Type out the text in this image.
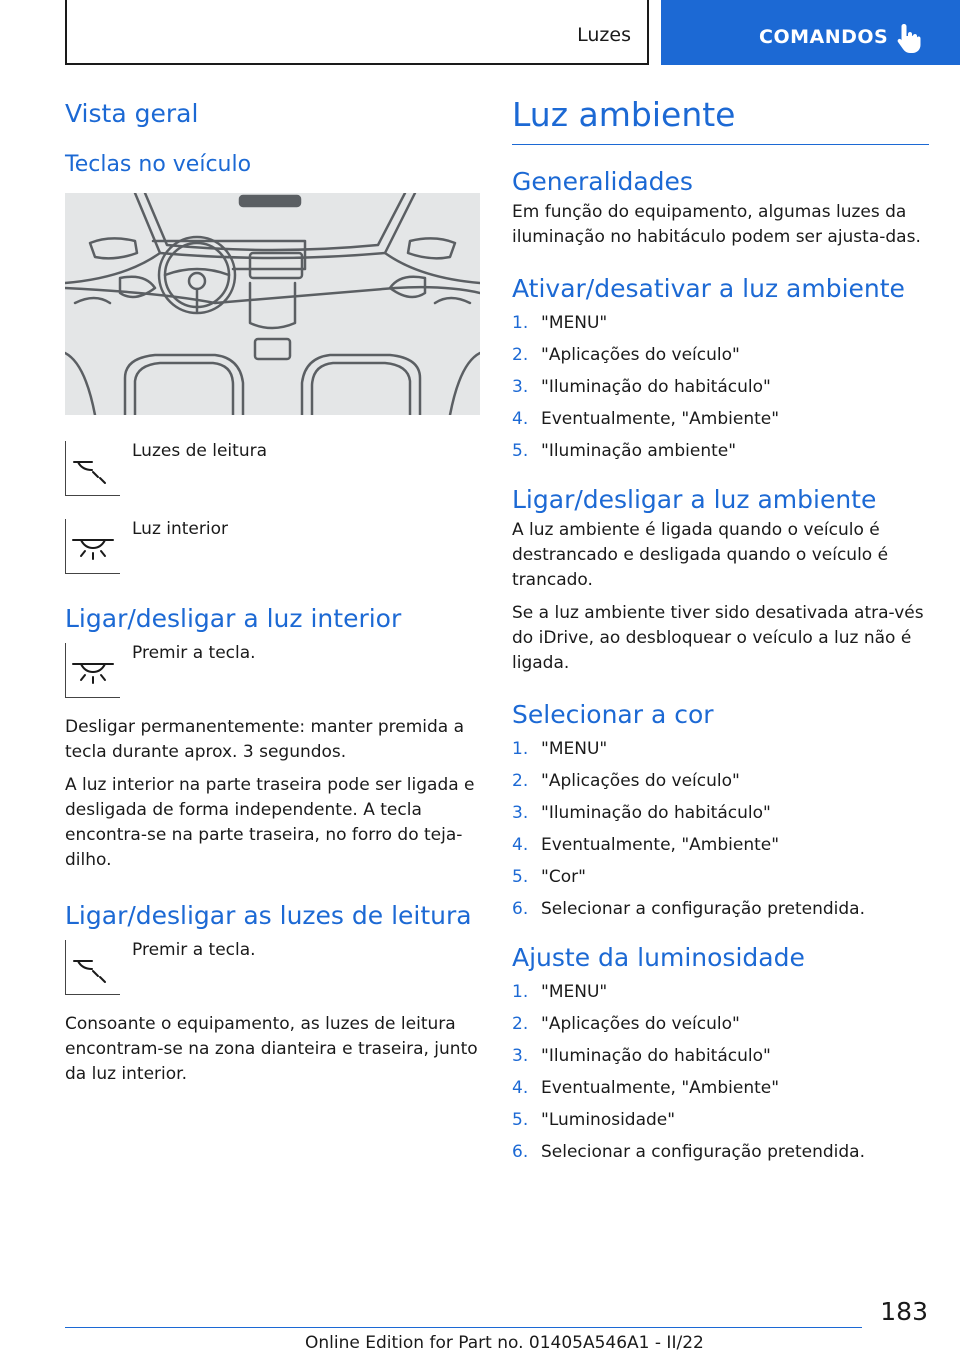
Luzes	COMANDOS
Vista geral
Teclas no veículo
Luzes de leitura
Luz interior
Ligar/desligar a luz interior
Premir a tecla.

Desligar permanentemente: manter premida a tecla durante aprox. 3 segundos.

A luz interior na parte traseira pode ser ligada e desligada de forma independente. A tecla encontra-se na parte traseira, no forro do teja-dilho.

Ligar/desligar as luzes de leitura
Premir a tecla.

Consoante o equipamento, as luzes de leitura encontram-se na zona dianteira e traseira, junto da luz interior.

Luz ambiente
Generalidades

Em função do equipamento, algumas luzes da iluminação no habitáculo podem ser ajusta-das.

Ativar/desativar a luz ambiente
1. "MENU"
2. "Aplicações do veículo"
3. "Iluminação do habitáculo"
4. Eventualmente, "Ambiente"
5. "Iluminação ambiente"
Ligar/desligar a luz ambiente

A luz ambiente é ligada quando o veículo é destrancado e desligada quando o veículo é trancado.

Se a luz ambiente tiver sido desativada atra-vés do iDrive, ao desbloquear o veículo a luz não é ligada.

Selecionar a cor
1. "MENU"
2. "Aplicações do veículo"
3. "Iluminação do habitáculo"
4. Eventualmente, "Ambiente"
5. "Cor"
6. Selecionar a configuração pretendida.
Ajuste da luminosidade
1. "MENU"
2. "Aplicações do veículo"
3. "Iluminação do habitáculo"
4. Eventualmente, "Ambiente"
5. "Luminosidade"
6. Selecionar a configuração pretendida.
183
Online Edition for Part no. 01405A546A1 - II/22
